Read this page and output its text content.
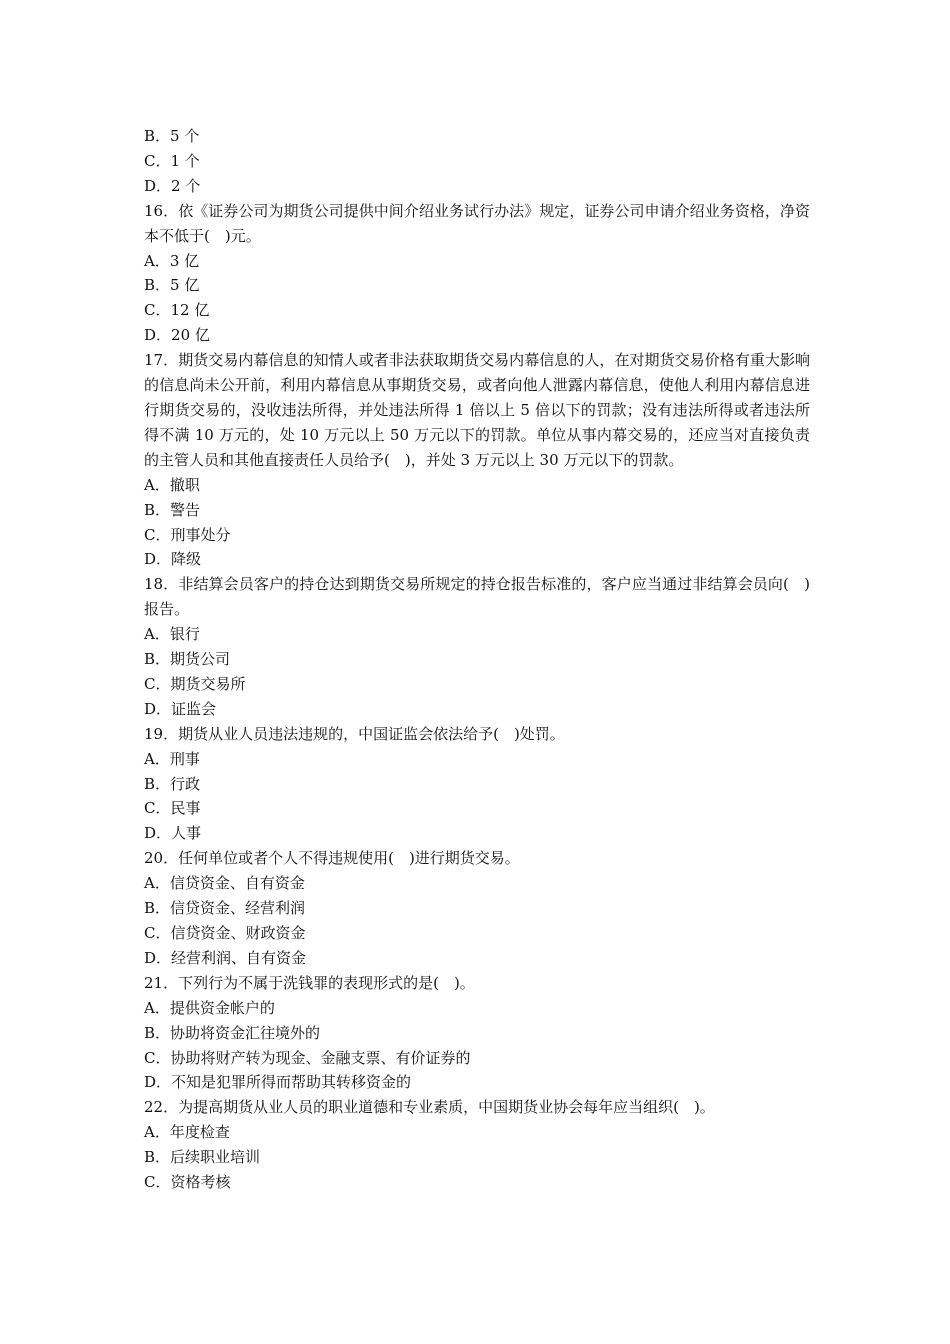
B．5 个

C．1 个

D．2 个

16．依《证券公司为期货公司提供中间介绍业务试行办法》规定，证券公司申请介绍业务资格，净资本不低于(　)元。

A．3 亿

B．5 亿

C．12 亿

D．20 亿

17．期货交易内幕信息的知情人或者非法获取期货交易内幕信息的人，在对期货交易价格有重大影响的信息尚未公开前，利用内幕信息从事期货交易，或者向他人泄露内幕信息，使他人利用内幕信息进行期货交易的，没收违法所得，并处违法所得 1 倍以上 5 倍以下的罚款；没有违法所得或者违法所得不满 10 万元的，处 10 万元以上 50 万元以下的罚款。单位从事内幕交易的，还应当对直接负责的主管人员和其他直接责任人员给予(　)，并处 3 万元以上 30 万元以下的罚款。

A．撤职

B．警告

C．刑事处分

D．降级

18．非结算会员客户的持仓达到期货交易所规定的持仓报告标准的，客户应当通过非结算会员向(　)报告。

A．银行

B．期货公司

C．期货交易所

D．证监会

19．期货从业人员违法违规的，中国证监会依法给予(　)处罚。

A．刑事

B．行政

C．民事

D．人事

20．任何单位或者个人不得违规使用(　)进行期货交易。

A．信贷资金、自有资金

B．信贷资金、经营利润

C．信贷资金、财政资金

D．经营利润、自有资金

21．下列行为不属于洗钱罪的表现形式的是(　)。

A．提供资金帐户的

B．协助将资金汇往境外的

C．协助将财产转为现金、金融支票、有价证券的

D．不知是犯罪所得而帮助其转移资金的

22．为提高期货从业人员的职业道德和专业素质，中国期货业协会每年应当组织(　)。

A．年度检查

B．后续职业培训

C．资格考核
